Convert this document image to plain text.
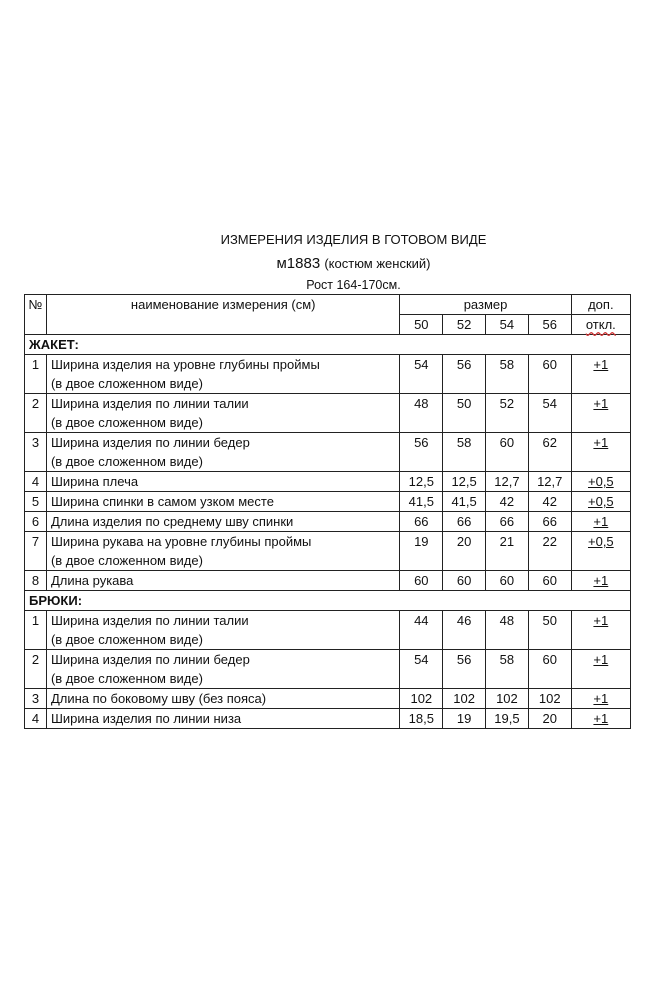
ИЗМЕРЕНИЯ ИЗДЕЛИЯ В ГОТОВОМ ВИДЕ
м1883 (костюм женский)
Рост 164-170см.
№	наименование измерения (см)	размер				доп.
		50	52	54	56	откл.
ЖАКЕТ:						
1	Ширина изделия на уровне глубины проймы
(в двое сложенном виде)	54	56	58	60	+1
2	Ширина изделия по линии талии
(в двое сложенном виде)	48	50	52	54	+1
3	Ширина изделия по линии бедер
(в двое сложенном виде)	56	58	60	62	+1
4	Ширина плеча	12,5	12,5	12,7	12,7	+0,5
5	Ширина спинки в самом узком месте	41,5	41,5	42	42	+0,5
6	Длина изделия по среднему шву спинки	66	66	66	66	+1
7	Ширина рукава на уровне глубины проймы
(в двое сложенном виде)	19	20	21	22	+0,5
8	Длина рукава	60	60	60	60	+1
БРЮКИ:						
1	Ширина изделия по линии талии
(в двое сложенном виде)	44	46	48	50	+1
2	Ширина изделия по линии бедер
(в двое сложенном виде)	54	56	58	60	+1
3	Длина по боковому шву (без пояса)	102	102	102	102	+1
4	Ширина изделия по линии низа	18,5	19	19,5	20	+1
